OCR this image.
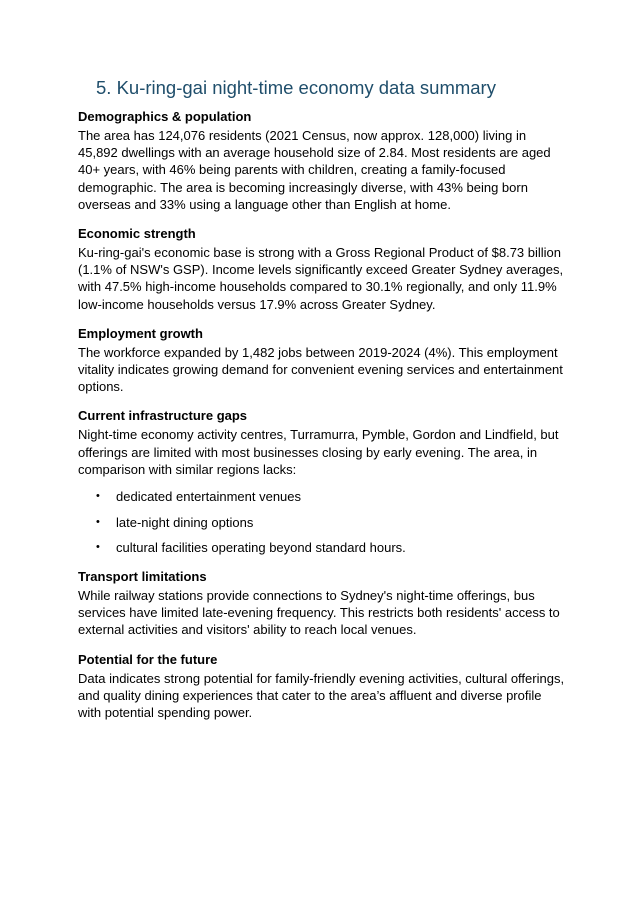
5. Ku-ring-gai night-time economy data summary
Demographics & population

The area has 124,076 residents (2021 Census, now approx. 128,000) living in 45,892 dwellings with an average household size of 2.84. Most residents are aged 40+ years, with 46% being parents with children, creating a family-focused demographic. The area is becoming increasingly diverse, with 43% being born overseas and 33% using a language other than English at home.

Economic strength

Ku-ring-gai's economic base is strong with a Gross Regional Product of $8.73 billion (1.1% of NSW's GSP). Income levels significantly exceed Greater Sydney averages, with 47.5% high-income households compared to 30.1% regionally, and only 11.9% low-income households versus 17.9% across Greater Sydney.

Employment growth

The workforce expanded by 1,482 jobs between 2019-2024 (4%). This employment vitality indicates growing demand for convenient evening services and entertainment options.

Current infrastructure gaps

Night-time economy activity centres, Turramurra, Pymble, Gordon and Lindfield, but offerings are limited with most businesses closing by early evening. The area, in comparison with similar regions lacks:

• dedicated entertainment venues
• late-night dining options
• cultural facilities operating beyond standard hours.
Transport limitations

While railway stations provide connections to Sydney's night-time offerings, bus services have limited late-evening frequency. This restricts both residents' access to external activities and visitors' ability to reach local venues.

Potential for the future

Data indicates strong potential for family-friendly evening activities, cultural offerings, and quality dining experiences that cater to the area’s affluent and diverse profile with potential spending power.
